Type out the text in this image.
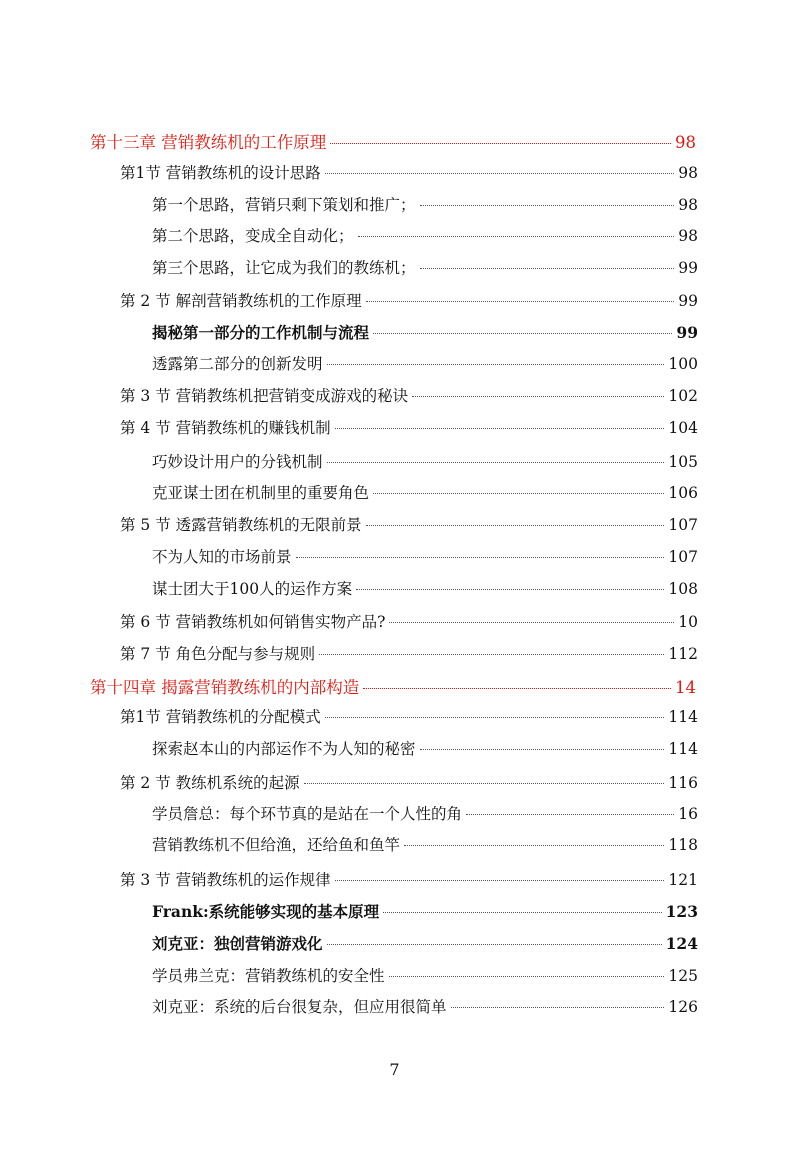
第十三章 营销教练机的工作原理	98
第1节 营销教练机的设计思路	98
第一个思路，营销只剩下策划和推广；	98
第二个思路，变成全自动化；	98
第三个思路，让它成为我们的教练机；	99
第 2 节 解剖营销教练机的工作原理	99
揭秘第一部分的工作机制与流程	99
透露第二部分的创新发明	100
第 3 节 营销教练机把营销变成游戏的秘诀	102
第 4 节 营销教练机的赚钱机制	104
巧妙设计用户的分钱机制	105
克亚谋士团在机制里的重要角色	106
第 5 节 透露营销教练机的无限前景	107
不为人知的市场前景	107
谋士团大于100人的运作方案	108
第 6 节 营销教练机如何销售实物产品?	10
第 7 节 角色分配与参与规则	112
第十四章 揭露营销教练机的内部构造	14
第1节 营销教练机的分配模式	114
探索赵本山的内部运作不为人知的秘密	114
第 2 节 教练机系统的起源	116
学员詹总：每个环节真的是站在一个人性的角	16
营销教练机不但给渔，还给鱼和鱼竿	118
第 3 节 营销教练机的运作规律	121
Frank:系统能够实现的基本原理	123
刘克亚：独创营销游戏化	124
学员弗兰克：营销教练机的安全性	125
刘克亚：系统的后台很复杂，但应用很简单	126
7
